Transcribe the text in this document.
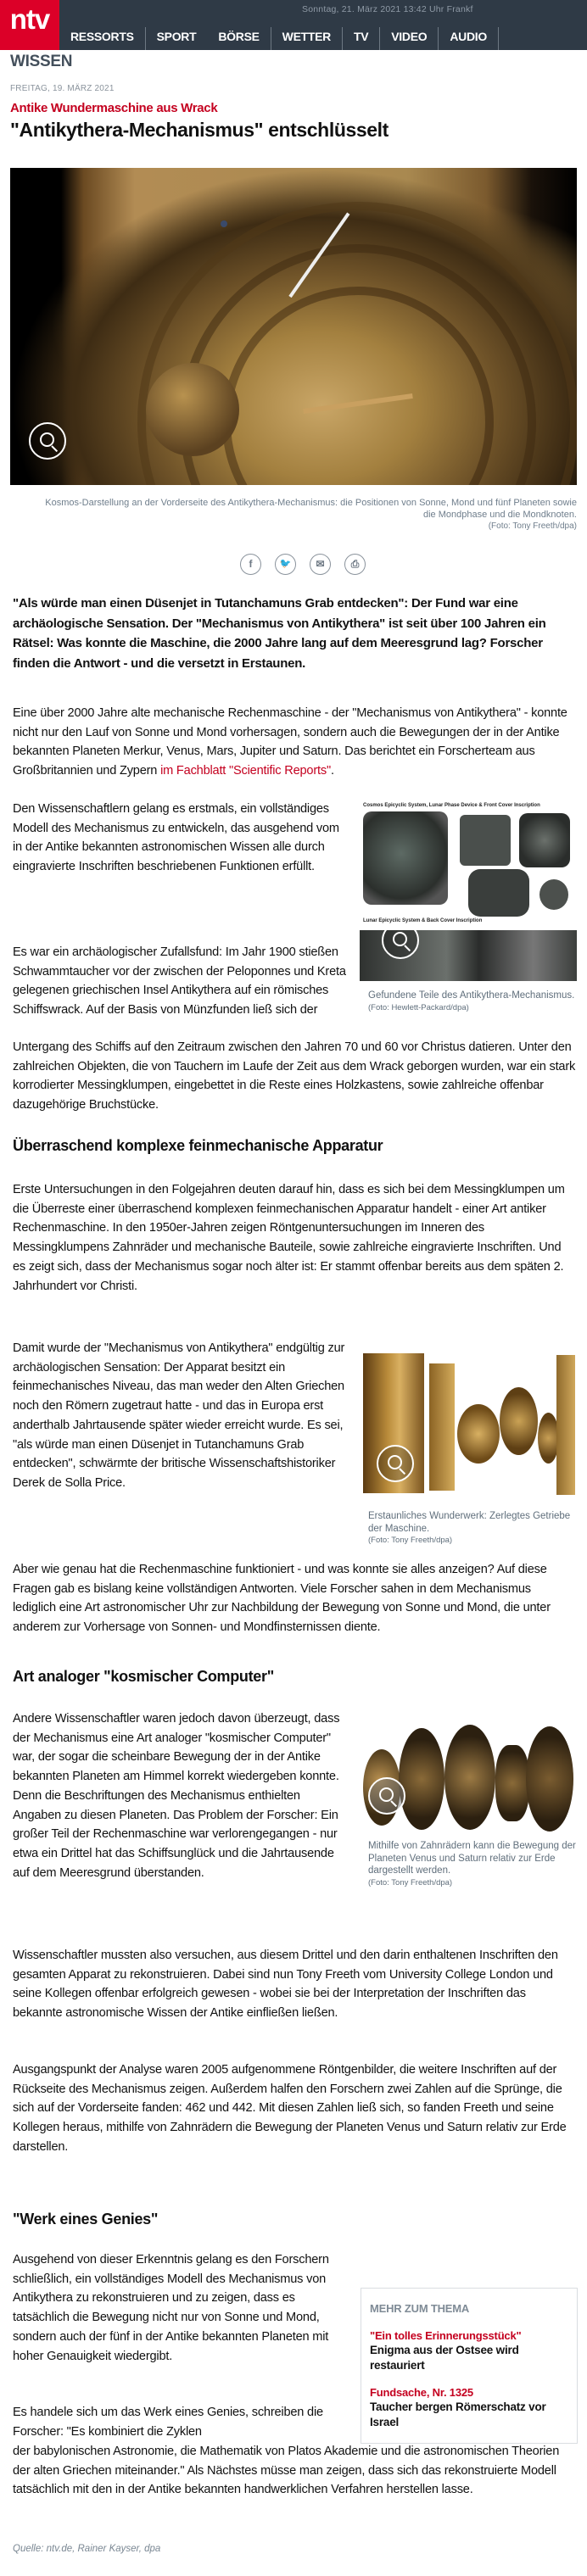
ntv	Sonntag, 21. März 2021 13:42 Uhr Frankf
RESSORTS	SPORT	BÖRSE	WETTER	TV	VIDEO	AUDIO
WISSEN
FREITAG, 19. MÄRZ 2021
Antike Wundermaschine aus Wrack
"Antikythera-Mechanismus" entschlüsselt
Kosmos-Darstellung an der Vorderseite des Antikythera-Mechanismus: die Positionen von Sonne, Mond und fünf Planeten sowie die Mondphase und die Mondknoten.
(Foto: Tony Freeth/dpa)
f	🐦	✉	⎙

"Als würde man einen Düsenjet in Tutanchamuns Grab entdecken": Der Fund war eine archäologische Sensation. Der "Mechanismus von Antikythera" ist seit über 100 Jahren ein Rätsel: Was konnte die Maschine, die 2000 Jahre lang auf dem Meeresgrund lag? Forscher finden die Antwort - und die versetzt in Erstaunen.

Eine über 2000 Jahre alte mechanische Rechenmaschine - der "Mechanismus von Antikythera" - konnte nicht nur den Lauf von Sonne und Mond vorhersagen, sondern auch die Bewegungen der in der Antike bekannten Planeten Merkur, Venus, Mars, Jupiter und Saturn. Das berichtet ein Forscherteam aus Großbritannien und Zypern im Fachblatt "Scientific Reports".

Den Wissenschaftlern gelang es erstmals, ein vollständiges Modell des Mechanismus zu entwickeln, das ausgehend vom in der Antike bekannten astronomischen Wissen alle durch eingravierte Inschriften beschriebenen Funktionen erfüllt.

Cosmos Epicyclic System, Lunar Phase Device & Front Cover Inscription
Lunar Epicyclic System & Back Cover Inscription
Gefundene Teile des Antikythera-Mechanismus.
(Foto: Hewlett-Packard/dpa)

Es war ein archäologischer Zufallsfund: Im Jahr 1900 stießen Schwammtaucher vor der zwischen der Peloponnes und Kreta gelegenen griechischen Insel Antikythera auf ein römisches Schiffswrack. Auf der Basis von Münzfunden ließ sich der

Untergang des Schiffs auf den Zeitraum zwischen den Jahren 70 und 60 vor Christus datieren. Unter den zahlreichen Objekten, die von Tauchern im Laufe der Zeit aus dem Wrack geborgen wurden, war ein stark korrodierter Messingklumpen, eingebettet in die Reste eines Holzkastens, sowie zahlreiche offenbar dazugehörige Bruchstücke.

Überraschend komplexe feinmechanische Apparatur

Erste Untersuchungen in den Folgejahren deuten darauf hin, dass es sich bei dem Messingklumpen um die Überreste einer überraschend komplexen feinmechanischen Apparatur handelt - einer Art antiker Rechenmaschine. In den 1950er-Jahren zeigen Röntgenuntersuchungen im Inneren des Messingklumpens Zahnräder und mechanische Bauteile, sowie zahlreiche eingravierte Inschriften. Und es zeigt sich, dass der Mechanismus sogar noch älter ist: Er stammt offenbar bereits aus dem späten 2. Jahrhundert vor Christi.

Damit wurde der "Mechanismus von Antikythera" endgültig zur archäologischen Sensation: Der Apparat besitzt ein feinmechanisches Niveau, das man weder den Alten Griechen noch den Römern zugetraut hatte - und das in Europa erst anderthalb Jahrtausende später wieder erreicht wurde. Es sei, "als würde man einen Düsenjet in Tutanchamuns Grab entdecken", schwärmte der britische Wissenschaftshistoriker Derek de Solla Price.

Erstaunliches Wunderwerk: Zerlegtes Getriebe der Maschine.
(Foto: Tony Freeth/dpa)

Aber wie genau hat die Rechenmaschine funktioniert - und was konnte sie alles anzeigen? Auf diese Fragen gab es bislang keine vollständigen Antworten. Viele Forscher sahen in dem Mechanismus lediglich eine Art astronomischer Uhr zur Nachbildung der Bewegung von Sonne und Mond, die unter anderem zur Vorhersage von Sonnen- und Mondfinsternissen diente.

Art analoger "kosmischer Computer"

Andere Wissenschaftler waren jedoch davon überzeugt, dass der Mechanismus eine Art analoger "kosmischer Computer" war, der sogar die scheinbare Bewegung der in der Antike bekannten Planeten am Himmel korrekt wiedergeben konnte. Denn die Beschriftungen des Mechanismus enthielten Angaben zu diesen Planeten. Das Problem der Forscher: Ein großer Teil der Rechenmaschine war verlorengegangen - nur etwa ein Drittel hat das Schiffsunglück und die Jahrtausende auf dem Meeresgrund überstanden.

Mithilfe von Zahnrädern kann die Bewegung der Planeten Venus und Saturn relativ zur Erde dargestellt werden.
(Foto: Tony Freeth/dpa)

Wissenschaftler mussten also versuchen, aus diesem Drittel und den darin enthaltenen Inschriften den gesamten Apparat zu rekonstruieren. Dabei sind nun Tony Freeth vom University College London und seine Kollegen offenbar erfolgreich gewesen - wobei sie bei der Interpretation der Inschriften das bekannte astronomische Wissen der Antike einfließen ließen.

Ausgangspunkt der Analyse waren 2005 aufgenommene Röntgenbilder, die weitere Inschriften auf der Rückseite des Mechanismus zeigen. Außerdem halfen den Forschern zwei Zahlen auf die Sprünge, die sich auf der Vorderseite fanden: 462 und 442. Mit diesen Zahlen ließ sich, so fanden Freeth und seine Kollegen heraus, mithilfe von Zahnrädern die Bewegung der Planeten Venus und Saturn relativ zur Erde darstellen.

"Werk eines Genies"

Ausgehend von dieser Erkenntnis gelang es den Forschern schließlich, ein vollständiges Modell des Mechanismus von Antikythera zu rekonstruieren und zu zeigen, dass es tatsächlich die Bewegung nicht nur von Sonne und Mond, sondern auch der fünf in der Antike bekannten Planeten mit hoher Genauigkeit wiedergibt.

MEHR ZUM THEMA
"Ein tolles Erinnerungsstück"
Enigma aus der Ostsee wird restauriert
Fundsache, Nr. 1325
Taucher bergen Römerschatz vor Israel

Es handele sich um das Werk eines Genies, schreiben die Forscher: "Es kombiniert die Zyklen

der babylonischen Astronomie, die Mathematik von Platos Akademie und die astronomischen Theorien der alten Griechen miteinander." Als Nächstes müsse man zeigen, dass sich das rekonstruierte Modell tatsächlich mit den in der Antike bekannten handwerklichen Verfahren herstellen lasse.

Quelle: ntv.de, Rainer Kayser, dpa
